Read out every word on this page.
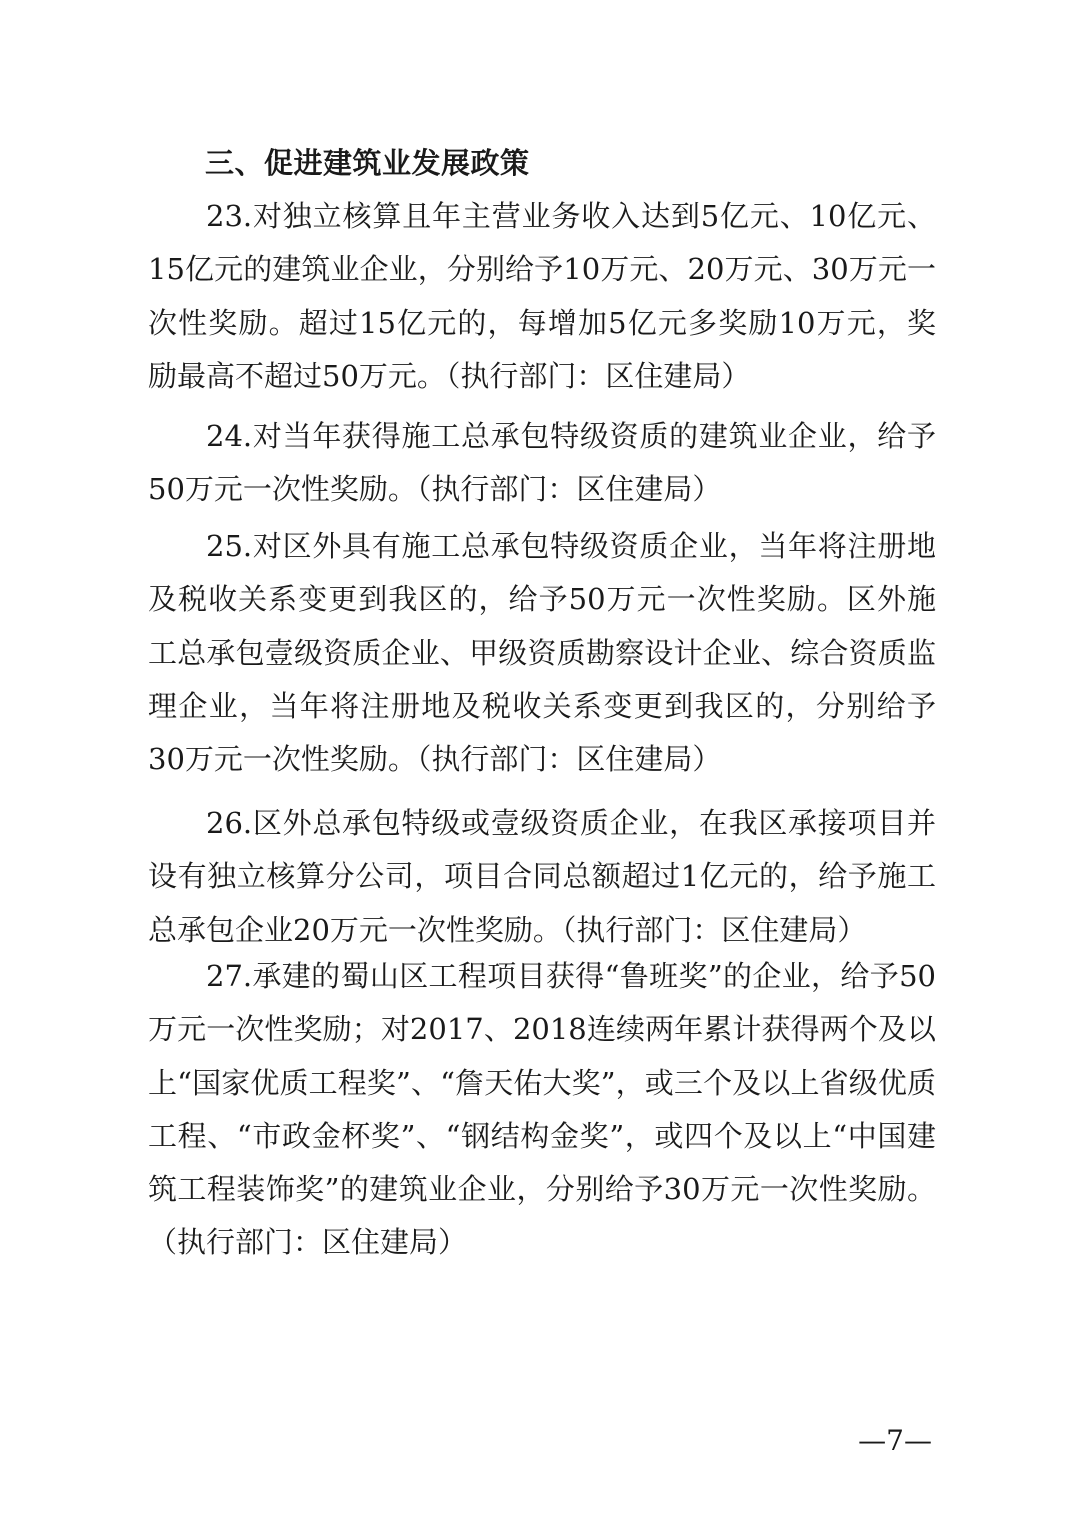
三、促进建筑业发展政策

23.对独立核算且年主营业务收入达到5亿元、10亿元、15亿元的建筑业企业，分别给予10万元、20万元、30万元一次性奖励。超过15亿元的，每增加5亿元多奖励10万元，奖励最高不超过50万元。（执行部门：区住建局）

24.对当年获得施工总承包特级资质的建筑业企业，给予50万元一次性奖励。（执行部门：区住建局）

25.对区外具有施工总承包特级资质企业，当年将注册地及税收关系变更到我区的，给予50万元一次性奖励。区外施工总承包壹级资质企业、甲级资质勘察设计企业、综合资质监理企业，当年将注册地及税收关系变更到我区的，分别给予30万元一次性奖励。（执行部门：区住建局）

26.区外总承包特级或壹级资质企业，在我区承接项目并设有独立核算分公司，项目合同总额超过1亿元的，给予施工总承包企业20万元一次性奖励。（执行部门：区住建局）

27.承建的蜀山区工程项目获得“鲁班奖”的企业，给予50万元一次性奖励；对2017、2018连续两年累计获得两个及以上“国家优质工程奖”、“詹天佑大奖”，或三个及以上省级优质工程、“市政金杯奖”、“钢结构金奖”，或四个及以上“中国建筑工程装饰奖”的建筑业企业，分别给予30万元一次性奖励。（执行部门：区住建局）

—7—
